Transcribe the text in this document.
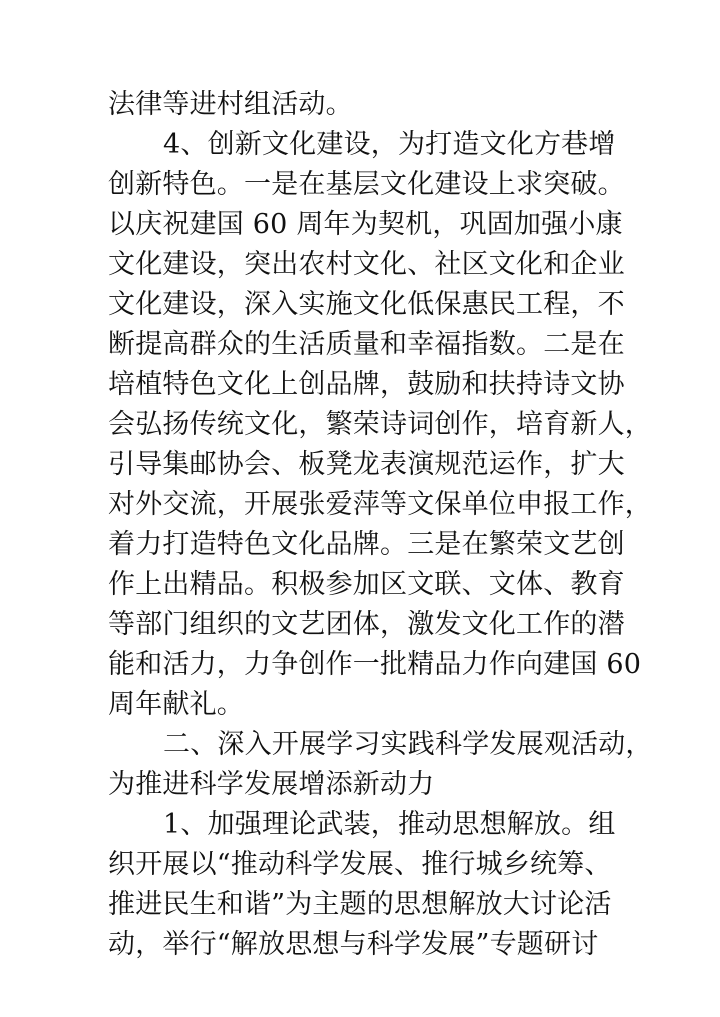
法律等进村组活动。
4、创新文化建设，为打造文化方巷增
创新特色。一是在基层文化建设上求突破。
以庆祝建国 60 周年为契机，巩固加强小康
文化建设，突出农村文化、社区文化和企业
文化建设，深入实施文化低保惠民工程，不
断提高群众的生活质量和幸福指数。二是在
培植特色文化上创品牌，鼓励和扶持诗文协
会弘扬传统文化，繁荣诗词创作，培育新人，
引导集邮协会、板凳龙表演规范运作，扩大
对外交流，开展张爱萍等文保单位申报工作，
着力打造特色文化品牌。三是在繁荣文艺创
作上出精品。积极参加区文联、文体、教育
等部门组织的文艺团体，激发文化工作的潜
能和活力，力争创作一批精品力作向建国 60
周年献礼。
二、深入开展学习实践科学发展观活动，
为推进科学发展增添新动力
1、加强理论武装，推动思想解放。组
织开展以“推动科学发展、推行城乡统筹、
推进民生和谐”为主题的思想解放大讨论活
动，举行“解放思想与科学发展”专题研讨
